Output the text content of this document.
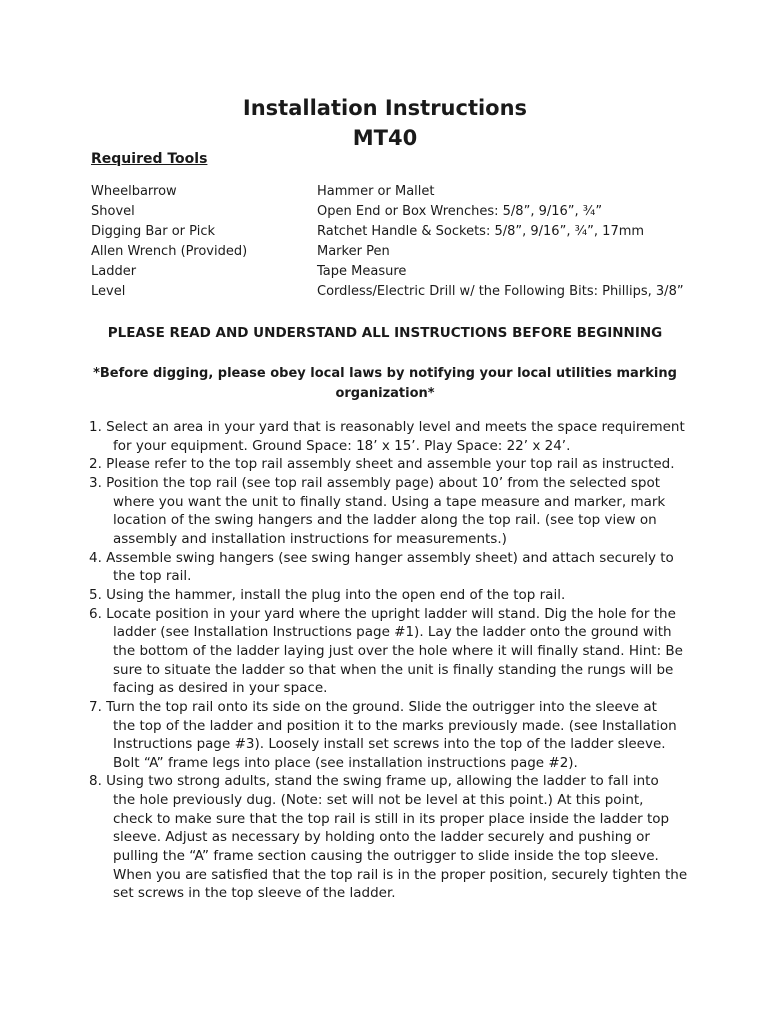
Installation Instructions
MT40
Required Tools
Wheelbarrow
Shovel
Digging Bar or Pick
Allen Wrench (Provided)
Ladder
Level
Hammer or Mallet
Open End or Box Wrenches: 5/8”, 9/16”, ¾”
Ratchet Handle & Sockets: 5/8”, 9/16”, ¾”, 17mm
Marker Pen
Tape Measure
Cordless/Electric Drill w/ the Following Bits: Phillips, 3/8”

PLEASE READ AND UNDERSTAND ALL INSTRUCTIONS BEFORE BEGINNING

*Before digging, please obey local laws by notifying your local utilities marking
organization*

1. Select an area in your yard that is reasonably level and meets the space requirement
for your equipment. Ground Space: 18’ x 15’. Play Space: 22’ x 24’.
2. Please refer to the top rail assembly sheet and assemble your top rail as instructed.
3. Position the top rail (see top rail assembly page) about 10’ from the selected spot
where you want the unit to finally stand. Using a tape measure and marker, mark
location of the swing hangers and the ladder along the top rail. (see top view on
assembly and installation instructions for measurements.)
4. Assemble swing hangers (see swing hanger assembly sheet) and attach securely to
the top rail.
5. Using the hammer, install the plug into the open end of the top rail.
6. Locate position in your yard where the upright ladder will stand. Dig the hole for the
ladder (see Installation Instructions page #1). Lay the ladder onto the ground with
the bottom of the ladder laying just over the hole where it will finally stand. Hint: Be
sure to situate the ladder so that when the unit is finally standing the rungs will be
facing as desired in your space.
7. Turn the top rail onto its side on the ground. Slide the outrigger into the sleeve at
the top of the ladder and position it to the marks previously made. (see Installation
Instructions page #3). Loosely install set screws into the top of the ladder sleeve.
Bolt “A” frame legs into place (see installation instructions page #2).
8. Using two strong adults, stand the swing frame up, allowing the ladder to fall into
the hole previously dug. (Note: set will not be level at this point.) At this point,
check to make sure that the top rail is still in its proper place inside the ladder top
sleeve. Adjust as necessary by holding onto the ladder securely and pushing or
pulling the “A” frame section causing the outrigger to slide inside the top sleeve.
When you are satisfied that the top rail is in the proper position, securely tighten the
set screws in the top sleeve of the ladder.
